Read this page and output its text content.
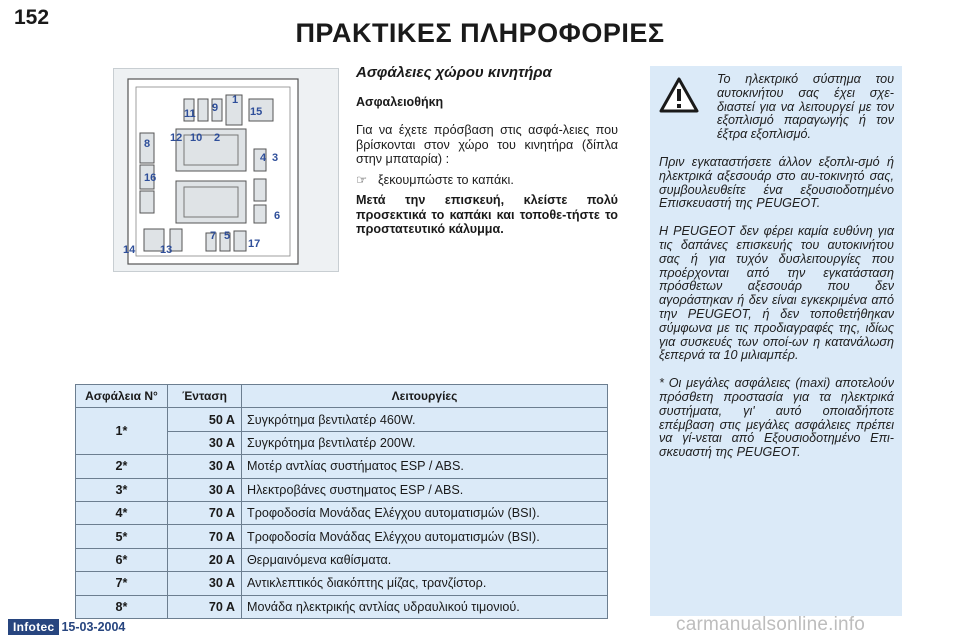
152
ΠΡΑΚΤΙΚΕΣ ΠΛΗΡΟΦΟΡΙΕΣ
11 9
1
15
8 12 10 2
16
4 3
6
7 5
17
14 13
Ασφάλειες χώρου κινητήρα
Ασφαλειοθήκη

Για να έχετε πρόσβαση στις ασφά-λειες που βρίσκονται στον χώρο του κινητήρα (δίπλα στην μπαταρία) :

☞ ξεκουμπώστε το καπάκι.

Μετά την επισκευή, κλείστε πολύ προσεκτικά το καπάκι και τοποθε-τήστε το προστατευτικό κάλυμμα.

Το ηλεκτρικό σύστημα του αυτοκινήτου σας έχει σχε-διαστεί για να λειτουργεί με τον εξοπλισμό παραγωγής ή τον έξτρα εξοπλισμό.

Πριν εγκαταστήσετε άλλον εξοπλι-σμό ή ηλεκτρικά αξεσουάρ στο αυ-τοκινητό σας, συμβουλευθείτε ένα εξουσιοδοτημένο Επισκευαστή της PEUGEOT.

Η PEUGEOT δεν φέρει καμία ευθύνη για τις δαπάνες επισκευής του αυτοκινήτου σας ή για τυχόν δυσλειτουργίες που προέρχονται από την εγκατάσταση πρόσθετων αξεσουάρ που δεν αγοράστηκαν ή δεν είναι εγκεκριμένα από την PEUGEOT, ή δεν τοποθετήθηκαν σύμφωνα με τις προδιαγραφές της, ιδίως για συσκευές των οποί-ων η κατανάλωση ξεπερνά τα 10 μιλιαμπέρ.

* Οι μεγάλες ασφάλειες (maxi) αποτελούν πρόσθετη προστασία για τα ηλεκτρικά συστήματα, γι' αυτό οποιαδήποτε επέμβαση στις μεγάλες ασφάλειες πρέπει να γί-νεται από Εξουσιοδοτημένο Επι-σκευαστή της PEUGEOT.

Ασφάλεια N°	Ένταση	Λειτουργίες
1*	50 A	Συγκρότημα βεντιλατέρ 460W.
	30 A	Συγκρότημα βεντιλατέρ 200W.
2*	30 A	Μοτέρ αντλίας συστήματος ESP / ABS.
3*	30 A	Ηλεκτροβάνες συστηματος ESP / ABS.
4*	70 A	Τροφοδοσία Μονάδας Ελέγχου αυτοματισμών (BSI).
5*	70 A	Τροφοδοσία Μονάδας Ελέγχου αυτοματισμών (BSI).
6*	20 A	Θερμαινόμενα καθίσματα.
7*	30 A	Αντικλεπτικός διακόπτης μίζας, τρανζίστορ.
8*	70 A	Μονάδα ηλεκτρικής αντλίας υδραυλικού τιμονιού.
Infotec 15-03-2004	carmanualsonline.info
